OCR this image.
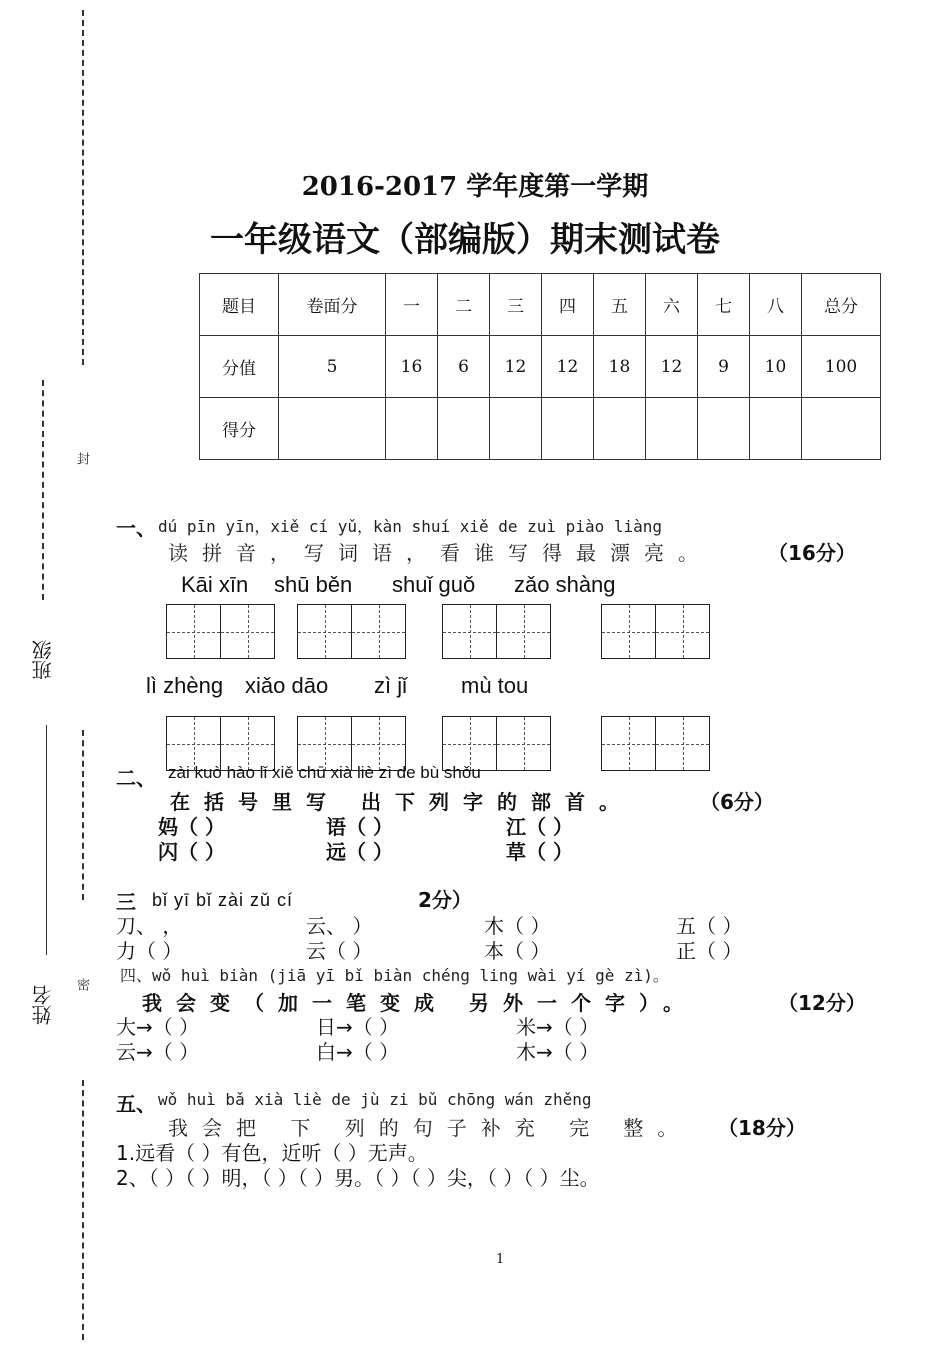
封
密
班级
姓名
2016-2017 学年度第一学期
一年级语文（部编版）期末测试卷
题目	卷面分	一	二	三	四	五	六	七	八	总分
分值	5	16	6	12	12	18	12	9	10	100
得分										
一、 dú pīn yīn，xiě cí yǔ，kàn shuí xiě de zuì piào liàng
读拼音，写词语，看谁写得最漂亮。	（16分）
Kāi xīn shū běn shuǐ guǒ zǎo shàng
lì zhèng xiǎo dāo zì jǐ mù tou
二、 zài kuò hào lǐ xiě chū xià liè zì de bù shǒu
在括号里写 出下列字的部首。	（6分）
妈（ ）	语（ ）	江（ ）
闪（ ）	远（ ）	草（ ）
三 bǐ yī bǐ zài zǔ cí	2分）
刀、 ，	云、 ）	木（ ）	五（ ）
力（ ）	云（ ）	本（ ）	正（ ）
四、wǒ huì biàn (jiā yī bǐ biàn chéng ling wài yí gè zì)。
我会变（加一笔变成 另外一个字）。	（12分）
大→（ ）	日→（ ）	米→（ ）
云→（ ）	白→（ ）	木→（ ）
五、 wǒ huì bǎ xià liè de jù zi bǔ chōng wán zhěng
我会把 下 列的句子补充 完 整。 （18分）
1.远看（ ）有色，近听（ ）无声。
2、（ ）（ ）明，（ ）（ ）男。（ ）（ ）尖，（ ）（ ）尘。
1
